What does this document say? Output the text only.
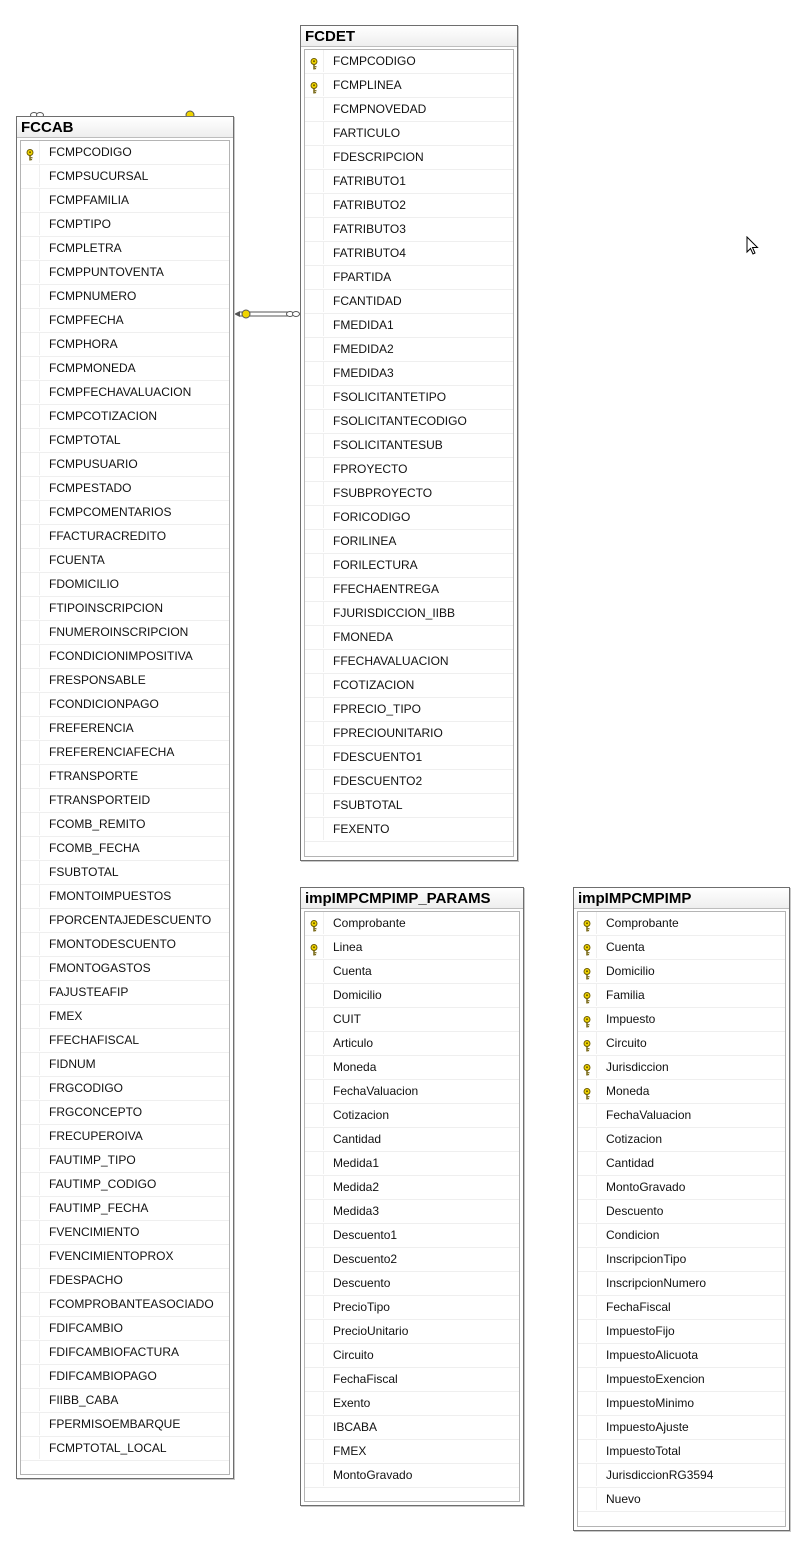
FCCAB
FCMPCODIGO
FCMPSUCURSAL
FCMPFAMILIA
FCMPTIPO
FCMPLETRA
FCMPPUNTOVENTA
FCMPNUMERO
FCMPFECHA
FCMPHORA
FCMPMONEDA
FCMPFECHAVALUACION
FCMPCOTIZACION
FCMPTOTAL
FCMPUSUARIO
FCMPESTADO
FCMPCOMENTARIOS
FFACTURACREDITO
FCUENTA
FDOMICILIO
FTIPOINSCRIPCION
FNUMEROINSCRIPCION
FCONDICIONIMPOSITIVA
FRESPONSABLE
FCONDICIONPAGO
FREFERENCIA
FREFERENCIAFECHA
FTRANSPORTE
FTRANSPORTEID
FCOMB_REMITO
FCOMB_FECHA
FSUBTOTAL
FMONTOIMPUESTOS
FPORCENTAJEDESCUENTO
FMONTODESCUENTO
FMONTOGASTOS
FAJUSTEAFIP
FMEX
FFECHAFISCAL
FIDNUM
FRGCODIGO
FRGCONCEPTO
FRECUPEROIVA
FAUTIMP_TIPO
FAUTIMP_CODIGO
FAUTIMP_FECHA
FVENCIMIENTO
FVENCIMIENTOPROX
FDESPACHO
FCOMPROBANTEASOCIADO
FDIFCAMBIO
FDIFCAMBIOFACTURA
FDIFCAMBIOPAGO
FIIBB_CABA
FPERMISOEMBARQUE
FCMPTOTAL_LOCAL
FCDET
FCMPCODIGO
FCMPLINEA
FCMPNOVEDAD
FARTICULO
FDESCRIPCION
FATRIBUTO1
FATRIBUTO2
FATRIBUTO3
FATRIBUTO4
FPARTIDA
FCANTIDAD
FMEDIDA1
FMEDIDA2
FMEDIDA3
FSOLICITANTETIPO
FSOLICITANTECODIGO
FSOLICITANTESUB
FPROYECTO
FSUBPROYECTO
FORICODIGO
FORILINEA
FORILECTURA
FFECHAENTREGA
FJURISDICCION_IIBB
FMONEDA
FFECHAVALUACION
FCOTIZACION
FPRECIO_TIPO
FPRECIOUNITARIO
FDESCUENTO1
FDESCUENTO2
FSUBTOTAL
FEXENTO
impIMPCMPIMP_PARAMS
Comprobante
Linea
Cuenta
Domicilio
CUIT
Articulo
Moneda
FechaValuacion
Cotizacion
Cantidad
Medida1
Medida2
Medida3
Descuento1
Descuento2
Descuento
PrecioTipo
PrecioUnitario
Circuito
FechaFiscal
Exento
IBCABA
FMEX
MontoGravado
impIMPCMPIMP
Comprobante
Cuenta
Domicilio
Familia
Impuesto
Circuito
Jurisdiccion
Moneda
FechaValuacion
Cotizacion
Cantidad
MontoGravado
Descuento
Condicion
InscripcionTipo
InscripcionNumero
FechaFiscal
ImpuestoFijo
ImpuestoAlicuota
ImpuestoExencion
ImpuestoMinimo
ImpuestoAjuste
ImpuestoTotal
JurisdiccionRG3594
Nuevo
